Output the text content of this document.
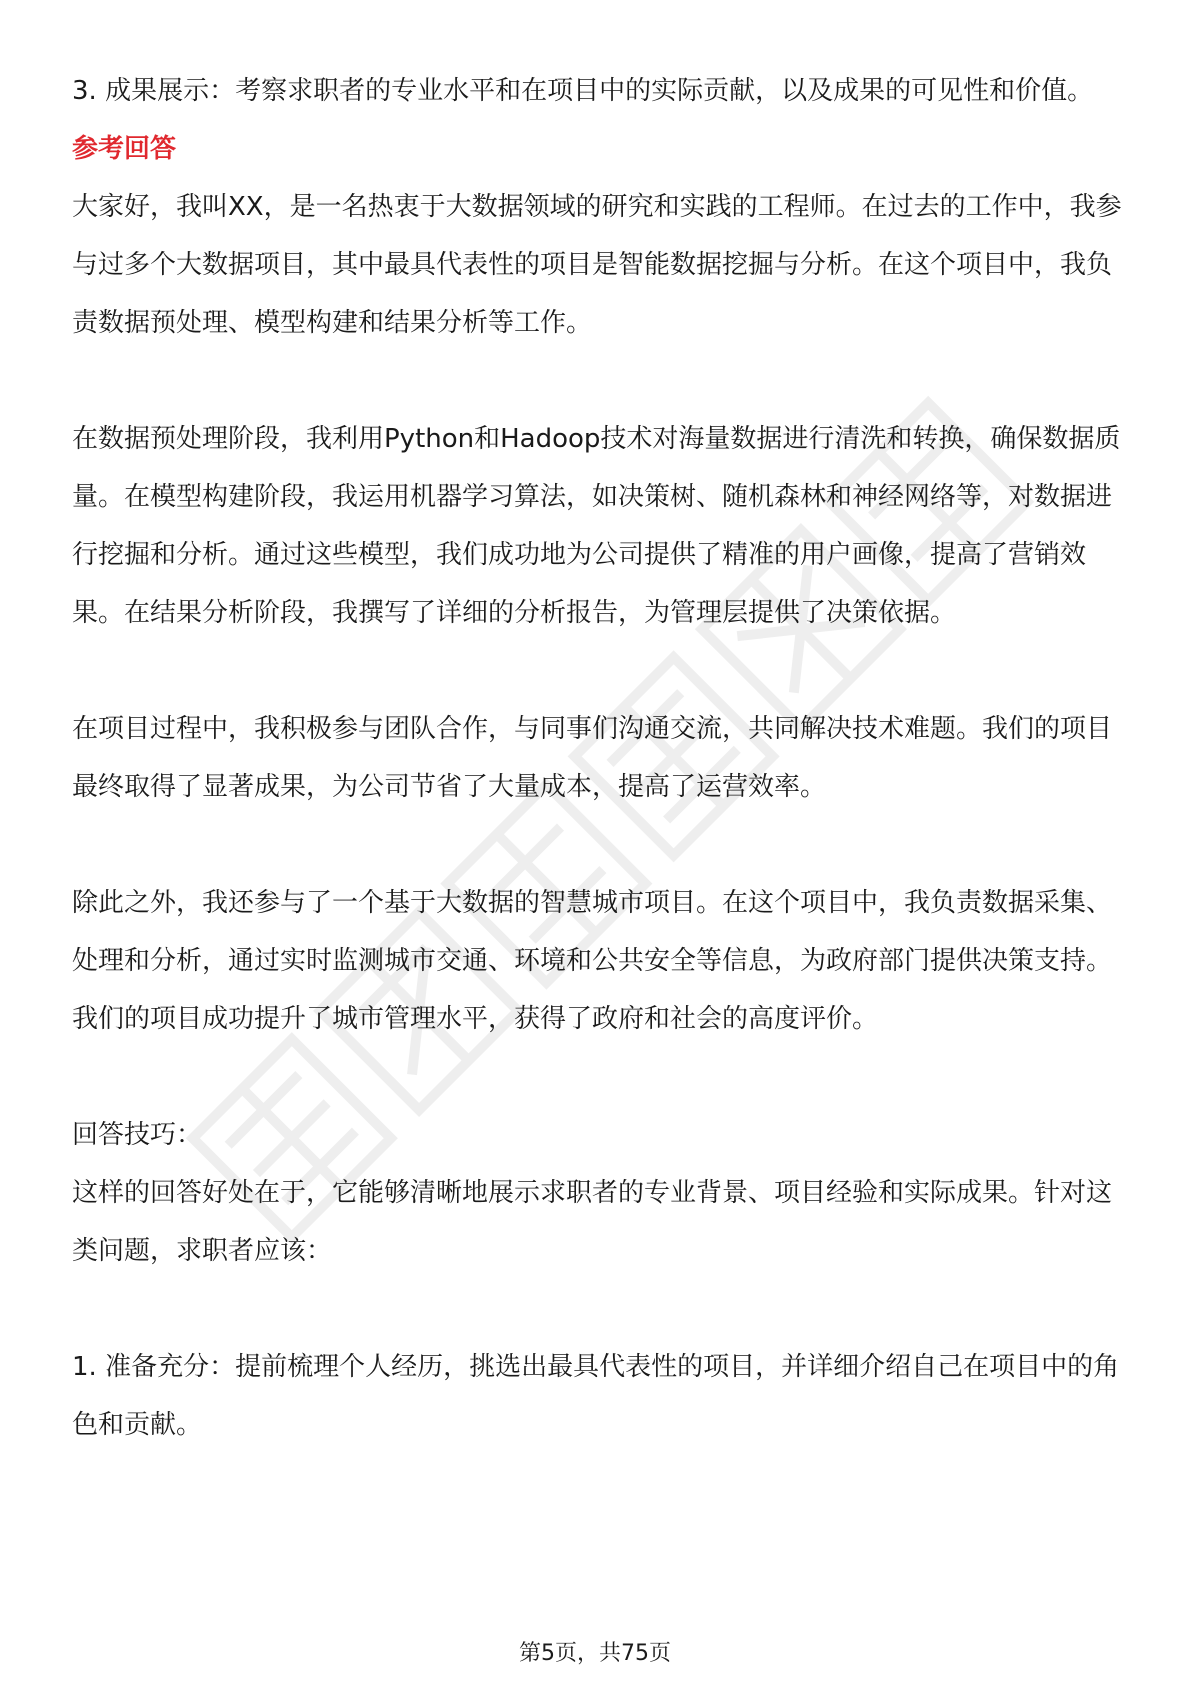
3. 成果展示：考察求职者的专业水平和在项目中的实际贡献，以及成果的可见性和价值。

参考回答

大家好，我叫XX，是一名热衷于大数据领域的研究和实践的工程师。在过去的工作中，我参与过多个大数据项目，其中最具代表性的项目是智能数据挖掘与分析。在这个项目中，我负责数据预处理、模型构建和结果分析等工作。

在数据预处理阶段，我利用Python和Hadoop技术对海量数据进行清洗和转换，确保数据质量。在模型构建阶段，我运用机器学习算法，如决策树、随机森林和神经网络等，对数据进行挖掘和分析。通过这些模型，我们成功地为公司提供了精准的用户画像，提高了营销效果。在结果分析阶段，我撰写了详细的分析报告，为管理层提供了决策依据。

在项目过程中，我积极参与团队合作，与同事们沟通交流，共同解决技术难题。我们的项目最终取得了显著成果，为公司节省了大量成本，提高了运营效率。

除此之外，我还参与了一个基于大数据的智慧城市项目。在这个项目中，我负责数据采集、处理和分析，通过实时监测城市交通、环境和公共安全等信息，为政府部门提供决策支持。我们的项目成功提升了城市管理水平，获得了政府和社会的高度评价。

回答技巧：

这样的回答好处在于，它能够清晰地展示求职者的专业背景、项目经验和实际成果。针对这类问题，求职者应该：

1. 准备充分：提前梳理个人经历，挑选出最具代表性的项目，并详细介绍自己在项目中的角色和贡献。

第5页，共75页
